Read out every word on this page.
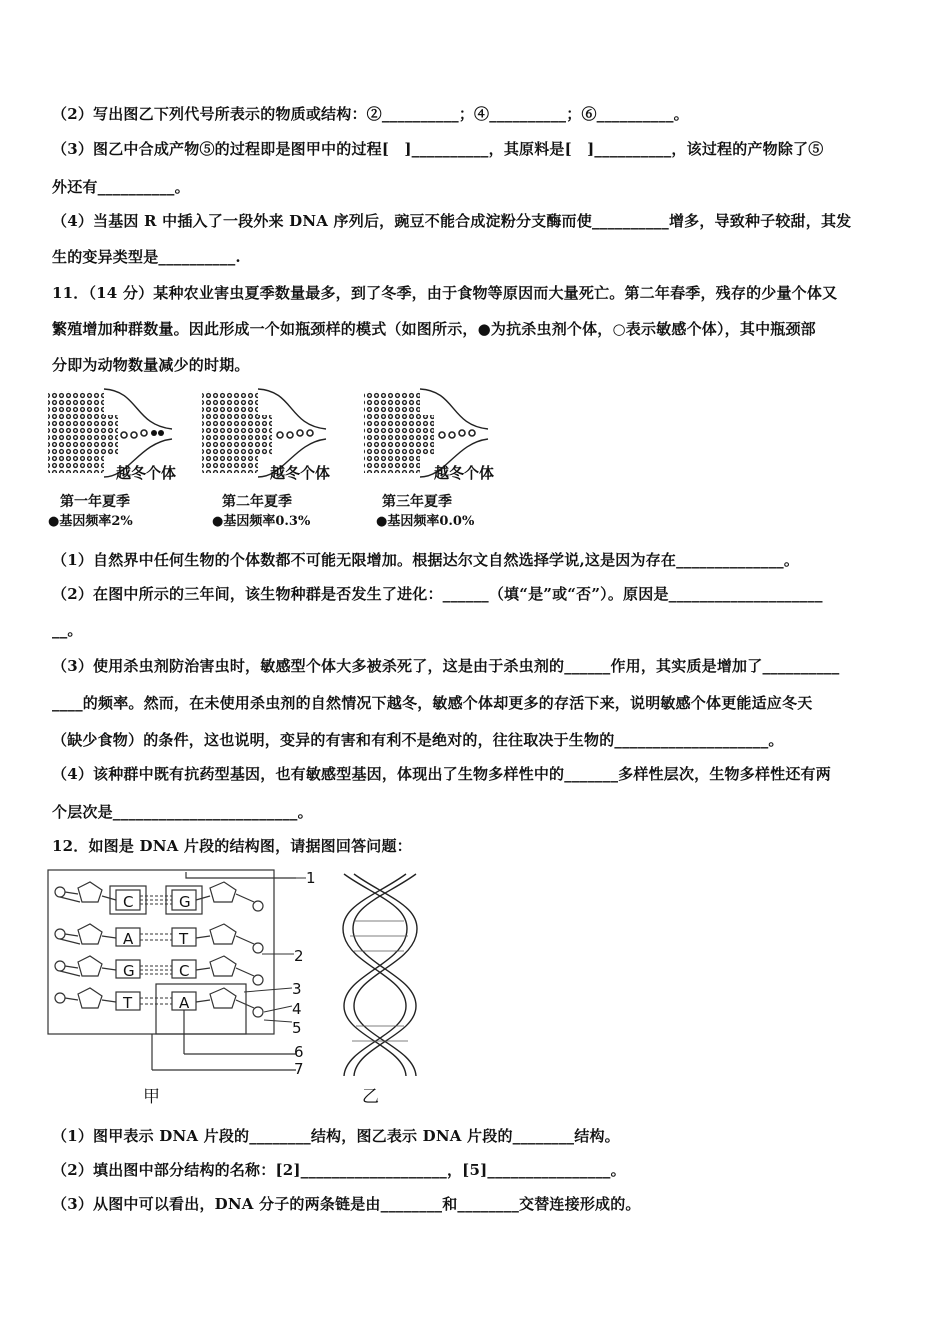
（2）写出图乙下列代号所表示的物质或结构：②__________；④__________；⑥__________。
（3）图乙中合成产物⑤的过程即是图甲中的过程[　]__________，其原料是[　]__________，该过程的产物除了⑤
外还有__________。
（4）当基因 R 中插入了一段外来 DNA 序列后，豌豆不能合成淀粉分支酶而使__________增多，导致种子较甜，其发
生的变异类型是__________.
11．（14 分）某种农业害虫夏季数量最多，到了冬季，由于食物等原因而大量死亡。第二年春季，残存的少量个体又
繁殖增加种群数量。因此形成一个如瓶颈样的模式（如图所示，●为抗杀虫剂个体，○表示敏感个体），其中瓶颈部
分即为动物数量减少的时期。
越冬个体	越冬个体	越冬个体
第一年夏季	第二年夏季	第三年夏季
●基因频率2%	●基因频率0.3%	●基因频率0.0%
（1）自然界中任何生物的个体数都不可能无限增加。根据达尔文自然选择学说,这是因为存在______________。
（2）在图中所示的三年间，该生物种群是否发生了进化：______（填“是”或“否”）。原因是____________________
__。
（3）使用杀虫剂防治害虫时，敏感型个体大多被杀死了，这是由于杀虫剂的______作用，其实质是增加了__________
____的频率。然而，在未使用杀虫剂的自然情况下越冬，敏感个体却更多的存活下来，说明敏感个体更能适应冬天
（缺少食物）的条件，这也说明，变异的有害和有利不是绝对的，往往取决于生物的____________________。
（4）该种群中既有抗药型基因，也有敏感型基因，体现出了生物多样性中的_______多样性层次，生物多样性还有两
个层次是________________________。
12．如图是 DNA 片段的结构图，请据图回答问题：
C
A
G
T
G
T
C
A
1
2
3
4
5
6
7
甲	乙
（1）图甲表示 DNA 片段的________结构，图乙表示 DNA 片段的________结构。
（2）填出图中部分结构的名称：[2]___________________，[5]________________。
（3）从图中可以看出，DNA 分子的两条链是由________和________交替连接形成的。
